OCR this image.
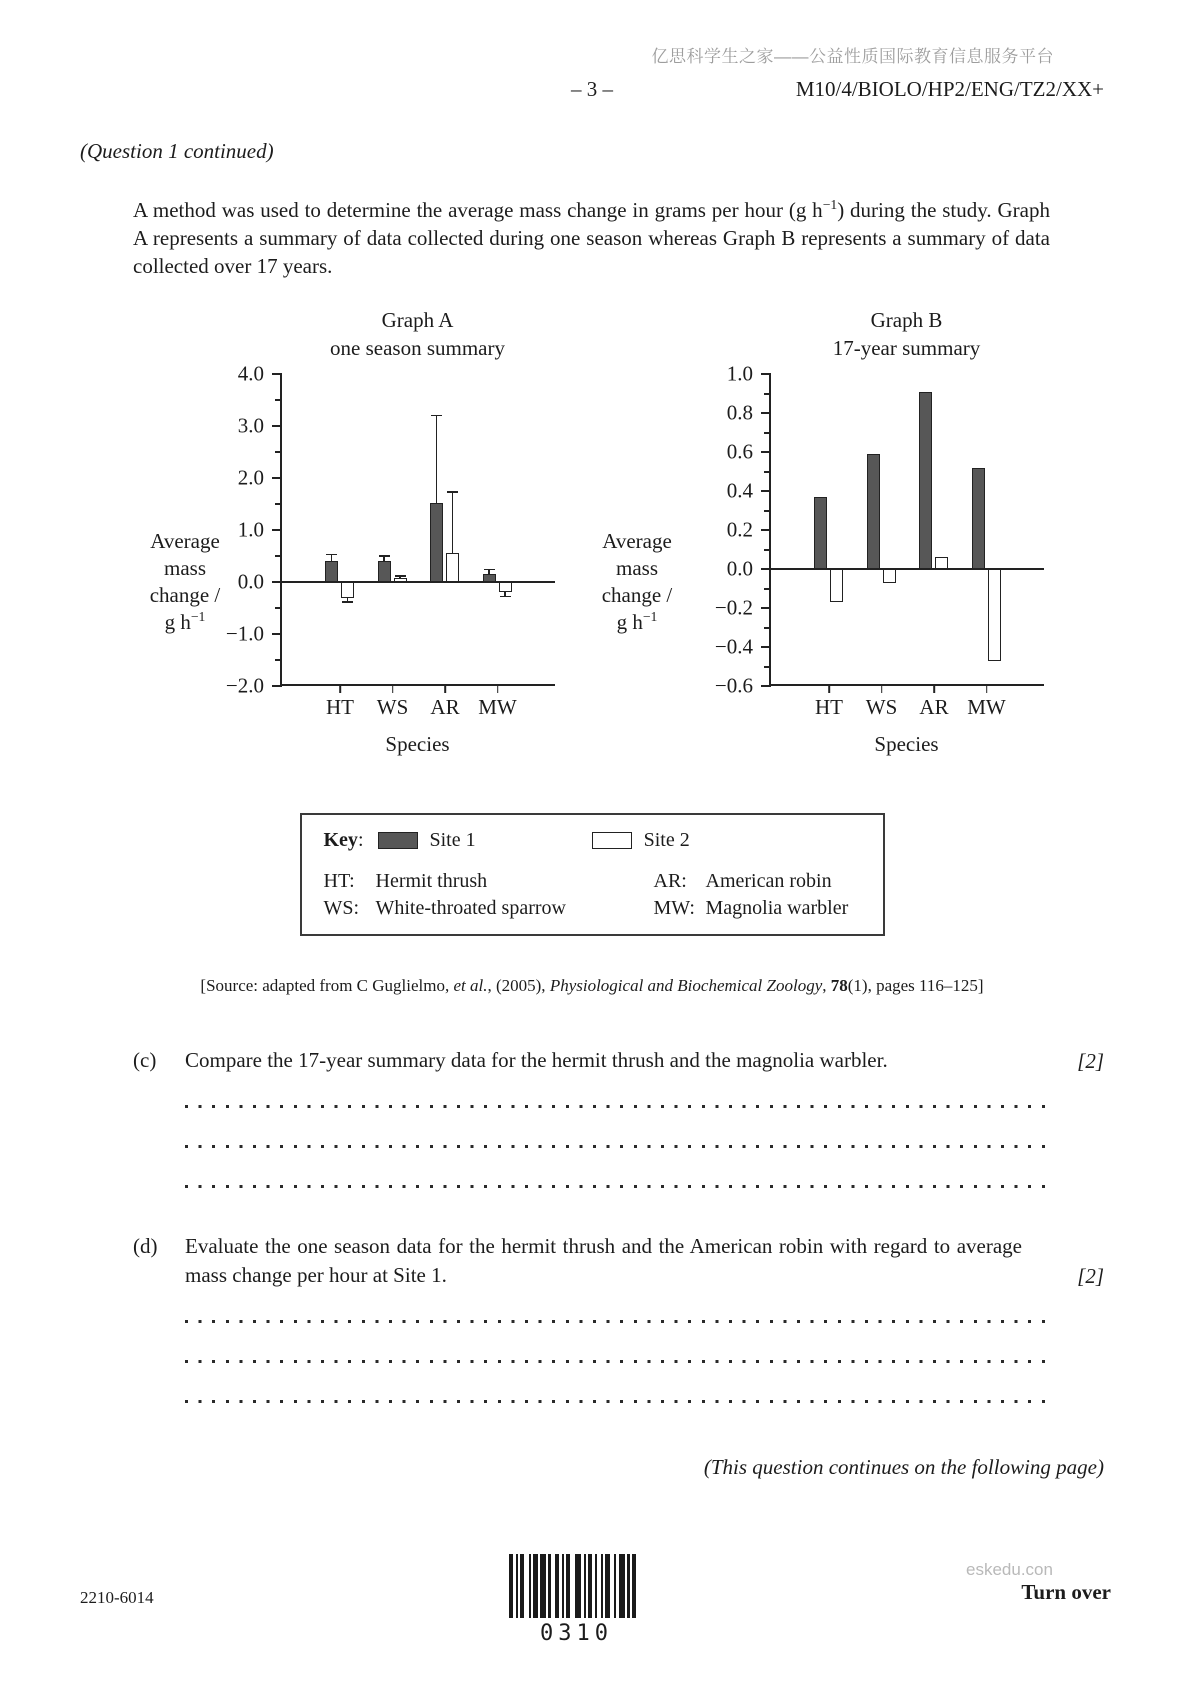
亿思科学生之家——公益性质国际教育信息服务平台
– 3 –	M10/4/BIOLO/HP2/ENG/TZ2/XX+
(Question 1 continued)

A method was used to determine the average mass change in grams per hour (g $h^{-1}$) during the study. Graph A represents a summary of data collected during one season whereas Graph B represents a summary of data collected over 17 years.

Average
mass
change /
g $h^{-1}$
Graph A
one season summary
4.0
3.0
2.0
1.0
0.0
−1.0
−2.0
HT WS AR MW
Species
Average
mass
change /
g $h^{-1}$
Graph B
17-year summary
1.0
0.8
0.6
0.4
0.2
0.0
−0.2
−0.4
−0.6
HT WS AR MW
Species
Key:	Site 1	Site 2
HT:	Hermit thrush	AR: American robin
WS: White-throated sparrow	MW: Magnolia warbler
[Source: adapted from C Guglielmo, et al., (2005), Physiological and Biochemical Zoology, 78(1), pages 116–125]
(c)	Compare the 17-year summary data for the hermit thrush and the magnolia warbler.	[2]
(d)	Evaluate the one season data for the hermit thrush and the American robin with regard to average mass change per hour at Site 1.	[2]
(This question continues on the following page)
2210-6014
0310
eskedu.con
Turn over
